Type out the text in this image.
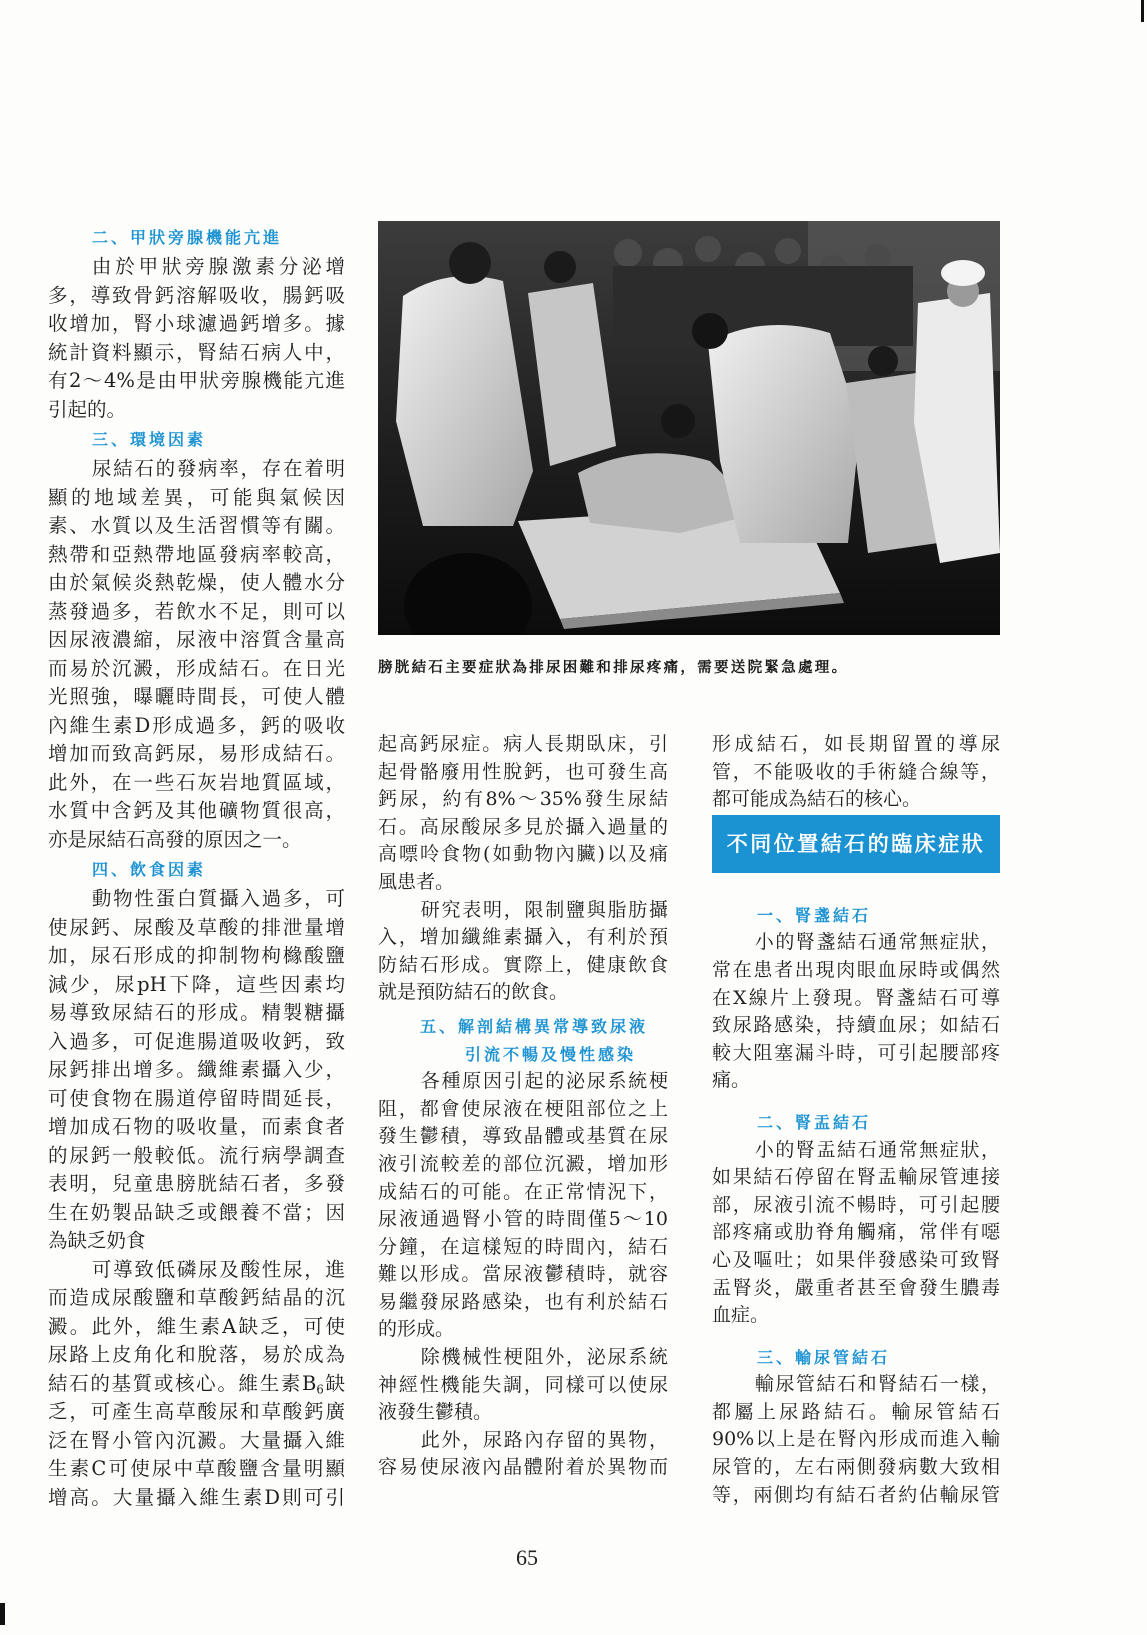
二、甲狀旁腺機能亢進
由於甲狀旁腺激素分泌增
多，導致骨鈣溶解吸收，腸鈣吸
收增加，腎小球濾過鈣增多。據
統計資料顯示，腎結石病人中，
有2～4%是由甲狀旁腺機能亢進
引起的。
三、環境因素
尿結石的發病率，存在着明
顯的地域差異，可能與氣候因
素、水質以及生活習慣等有關。
熱帶和亞熱帶地區發病率較高，
由於氣候炎熱乾燥，使人體水分
蒸發過多，若飲水不足，則可以
因尿液濃縮，尿液中溶質含量高
而易於沉澱，形成結石。在日光
光照強，曝曬時間長，可使人體
內維生素D形成過多，鈣的吸收
增加而致高鈣尿，易形成結石。
此外，在一些石灰岩地質區域，
水質中含鈣及其他礦物質很高，
亦是尿結石高發的原因之一。
四、飲食因素
動物性蛋白質攝入過多，可
使尿鈣、尿酸及草酸的排泄量增
加，尿石形成的抑制物枸櫞酸鹽
減少，尿pH下降，這些因素均
易導致尿結石的形成。精製糖攝
入過多，可促進腸道吸收鈣，致
尿鈣排出增多。纖維素攝入少，
可使食物在腸道停留時間延長，
增加成石物的吸收量，而素食者
的尿鈣一般較低。流行病學調查
表明，兒童患膀胱結石者，多發
生在奶製品缺乏或餵養不當；因
為缺乏奶食
可導致低磷尿及酸性尿，進
而造成尿酸鹽和草酸鈣結晶的沉
澱。此外，維生素A缺乏，可使
尿路上皮角化和脫落，易於成為
結石的基質或核心。維生素$B_6$缺
乏，可產生高草酸尿和草酸鈣廣
泛在腎小管內沉澱。大量攝入維
生素C可使尿中草酸鹽含量明顯
增高。大量攝入維生素D則可引
起高鈣尿症。病人長期臥床，引
起骨骼廢用性脫鈣，也可發生高
鈣尿，約有8%～35%發生尿結
石。高尿酸尿多見於攝入過量的
高嘌呤食物(如動物內臟)以及痛
風患者。
研究表明，限制鹽與脂肪攝
入，增加纖維素攝入，有利於預
防結石形成。實際上，健康飲食
就是預防結石的飲食。
五、解剖結構異常導致尿液
引流不暢及慢性感染
各種原因引起的泌尿系統梗
阻，都會使尿液在梗阻部位之上
發生鬱積，導致晶體或基質在尿
液引流較差的部位沉澱，增加形
成結石的可能。在正常情況下，
尿液通過腎小管的時間僅5～10
分鐘，在這樣短的時間內，結石
難以形成。當尿液鬱積時，就容
易繼發尿路感染，也有利於結石
的形成。
除機械性梗阻外，泌尿系統
神經性機能失調，同樣可以使尿
液發生鬱積。
此外，尿路內存留的異物，
容易使尿液內晶體附着於異物而
形成結石，如長期留置的導尿
管，不能吸收的手術縫合線等，
都可能成為結石的核心。
不同位置結石的臨床症狀
一、腎盞結石
小的腎盞結石通常無症狀，
常在患者出現肉眼血尿時或偶然
在X線片上發現。腎盞結石可導
致尿路感染，持續血尿；如結石
較大阻塞漏斗時，可引起腰部疼
痛。
二、腎盂結石
小的腎盂結石通常無症狀，
如果結石停留在腎盂輸尿管連接
部，尿液引流不暢時，可引起腰
部疼痛或肋脊角觸痛，常伴有噁
心及嘔吐；如果伴發感染可致腎
盂腎炎，嚴重者甚至會發生膿毒
血症。
三、輸尿管結石
輸尿管結石和腎結石一樣，
都屬上尿路結石。輸尿管結石
90%以上是在腎內形成而進入輸
尿管的，左右兩側發病數大致相
等，兩側均有結石者約佔輸尿管
膀胱結石主要症狀為排尿困難和排尿疼痛，需要送院緊急處理。
65
